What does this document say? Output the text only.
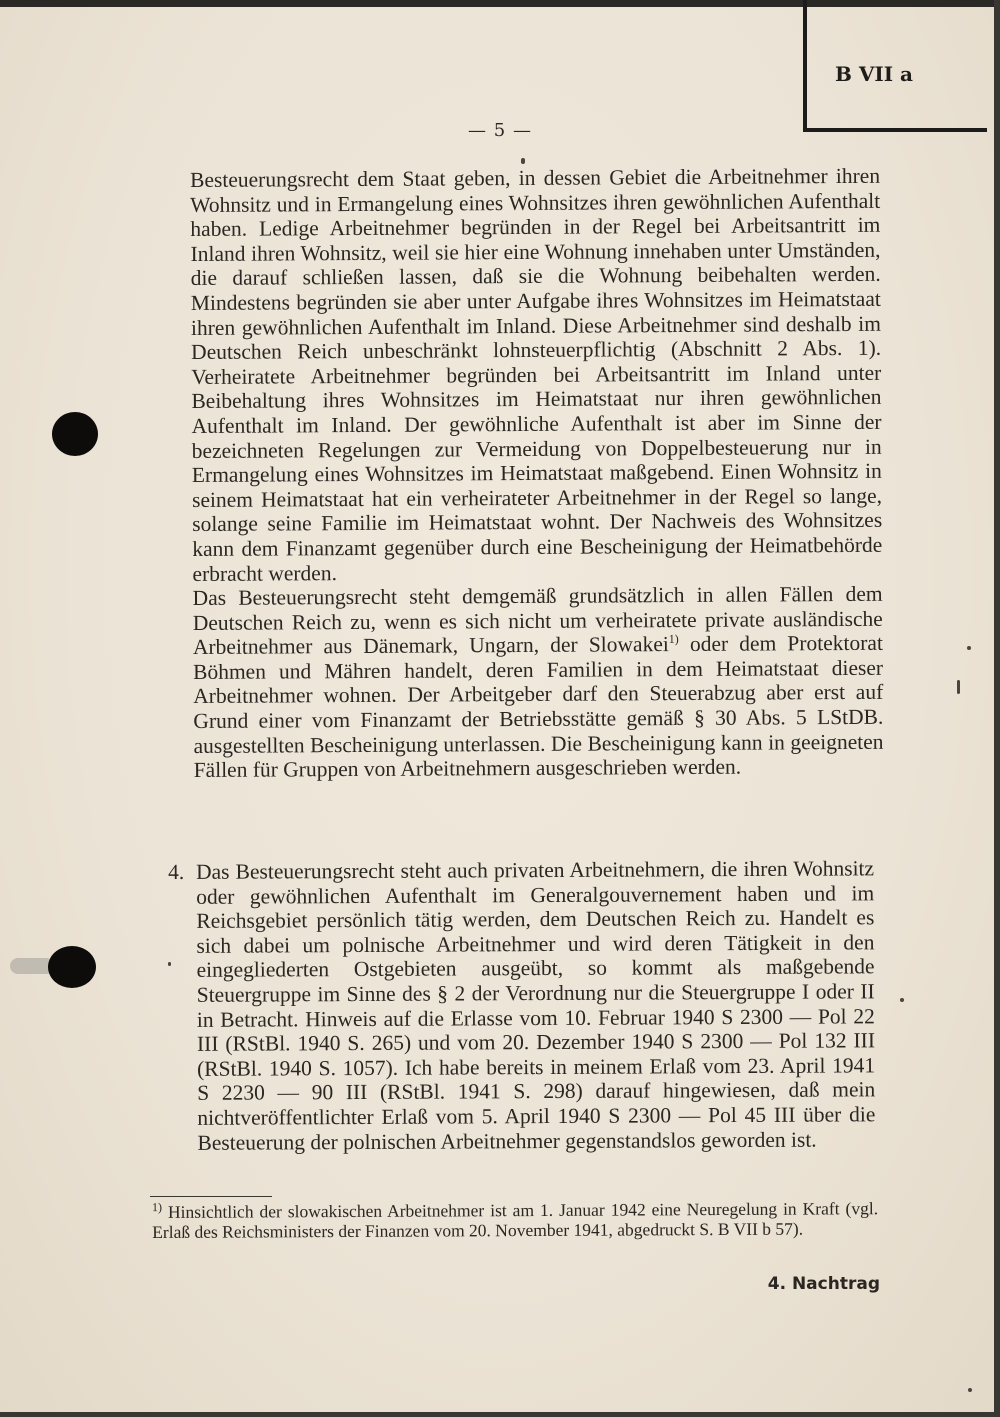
B VII a
— 5 —

Besteuerungsrecht dem Staat geben, in dessen Gebiet die Arbeitnehmer ihren Wohnsitz und in Ermangelung eines Wohnsitzes ihren gewöhnlichen Aufenthalt haben. Ledige Arbeitnehmer begründen in der Regel bei Arbeitsantritt im Inland ihren Wohnsitz, weil sie hier eine Wohnung innehaben unter Umständen, die darauf schließen lassen, daß sie die Wohnung beibehalten werden. Mindestens begründen sie aber unter Aufgabe ihres Wohnsitzes im Heimatstaat ihren gewöhnlichen Aufenthalt im Inland. Diese Arbeitnehmer sind deshalb im Deutschen Reich unbeschränkt lohnsteuerpflichtig (Abschnitt 2 Abs. 1). Verheiratete Arbeitnehmer begründen bei Arbeitsantritt im Inland unter Beibehaltung ihres Wohnsitzes im Heimatstaat nur ihren gewöhnlichen Aufenthalt im Inland. Der gewöhnliche Aufenthalt ist aber im Sinne der bezeichneten Regelungen zur Vermeidung von Doppelbesteuerung nur in Ermangelung eines Wohnsitzes im Heimatstaat maßgebend. Einen Wohnsitz in seinem Heimatstaat hat ein verheirateter Arbeitnehmer in der Regel so lange, solange seine Familie im Heimatstaat wohnt. Der Nachweis des Wohnsitzes kann dem Finanzamt gegenüber durch eine Bescheinigung der Heimatbehörde erbracht werden.

Das Besteuerungsrecht steht demgemäß grundsätzlich in allen Fällen dem Deutschen Reich zu, wenn es sich nicht um verheiratete private ausländische Arbeitnehmer aus Dänemark, Ungarn, der Slowakei$^{1)}$ oder dem Protektorat Böhmen und Mähren handelt, deren Familien in dem Heimatstaat dieser Arbeitnehmer wohnen. Der Arbeitgeber darf den Steuerabzug aber erst auf Grund einer vom Finanzamt der Betriebsstätte gemäß § 30 Abs. 5 LStDB. ausgestellten Bescheinigung unterlassen. Die Bescheinigung kann in geeigneten Fällen für Gruppen von Arbeitnehmern ausgeschrieben werden.

4. Das Besteuerungsrecht steht auch privaten Arbeitnehmern, die ihren Wohnsitz oder gewöhnlichen Aufenthalt im Generalgouvernement haben und im Reichsgebiet persönlich tätig werden, dem Deutschen Reich zu. Handelt es sich dabei um polnische Arbeitnehmer und wird deren Tätigkeit in den eingegliederten Ostgebieten ausgeübt, so kommt als maßgebende Steuergruppe im Sinne des § 2 der Verordnung nur die Steuergruppe I oder II in Betracht. Hinweis auf die Erlasse vom 10. Februar 1940 S 2300 — Pol 22 III (RStBl. 1940 S. 265) und vom 20. Dezember 1940 S 2300 — Pol 132 III (RStBl. 1940 S. 1057). Ich habe bereits in meinem Erlaß vom 23. April 1941 S 2230 — 90 III (RStBl. 1941 S. 298) darauf hingewiesen, daß mein nichtveröffentlichter Erlaß vom 5. April 1940 S 2300 — Pol 45 III über die Besteuerung der polnischen Arbeitnehmer gegenstandslos geworden ist.
$^{1)}$ Hinsichtlich der slowakischen Arbeitnehmer ist am 1. Januar 1942 eine Neuregelung in Kraft (vgl. Erlaß des Reichsministers der Finanzen vom 20. November 1941, abgedruckt S. B VII b 57).
4. Nachtrag
